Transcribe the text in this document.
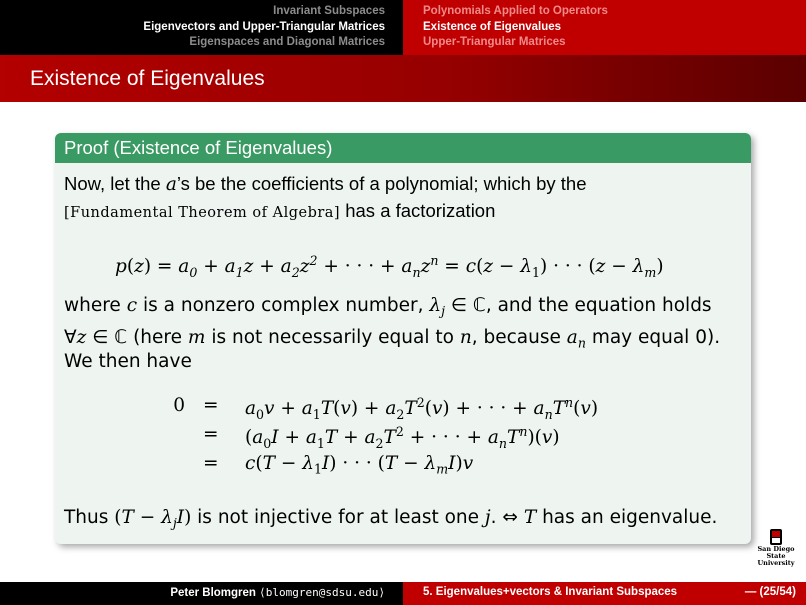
Invariant Subspaces
Eigenvectors and Upper-Triangular Matrices
Eigenspaces and Diagonal Matrices
Polynomials Applied to Operators
Existence of Eigenvalues
Upper-Triangular Matrices
Existence of Eigenvalues
Proof (Existence of Eigenvalues)
Now, let the a’s be the coefficients of a polynomial; which by the
[Fundamental Theorem of Algebra] has a factorization
$p(z) = a_0 + a_1z + a_2z^2$ + · · · + $a_nz^n = c(z - \lambda_1)$ · · · $(z - \lambda_m)$
where c is a nonzero complex number, $\lambda_j$ ∈ ℂ, and the equation holds
∀z ∈ ℂ (here m is not necessarily equal to n, because $a_n$ may equal 0).
We then have
$0 = a_0v + a_1T(v) + a_2T^2(v)$ + · · · + $a_nT^n(v)$
= ($a_0I + a_1T + a_2T^2$ + · · · + $a_nT^n)(v)$
= $c(T - \lambda_1I)$ · · · $(T - \lambda_mI)v$
Thus $(T - \lambda_jI)$ is not injective for at least one j. ⇔ T has an eigenvalue.
San Diego State
University
Peter Blomgren ⟨blomgren@sdsu.edu⟩	5. Eigenvalues+vectors & Invariant Subspaces	— (25/54)
